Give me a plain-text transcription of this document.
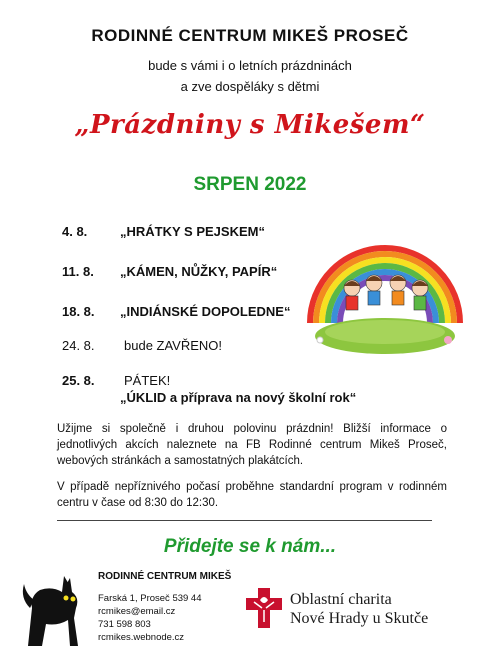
RODINNÉ CENTRUM MIKEŠ PROSEČ
bude s vámi i o letních prázdninách
a zve dospěláky s dětmi
„Prázdniny s Mikešem“
SRPEN 2022
4. 8.	„HRÁTKY S PEJSKEM“
11. 8.	„KÁMEN, NŮŽKY, PAPÍR“
18. 8.	„INDIÁNSKÉ DOPOLEDNE“
24. 8.	bude ZAVŘENO!
25. 8.	PÁTEK!
„ÚKLID a příprava na nový školní rok“
Užijme si společně i druhou polovinu prázdnin! Bližší informace o jednotlivých akcích naleznete na FB Rodinné centrum Mikeš Proseč, webových stránkách a samostatných plakátcích.
V případě nepříznivého počasí proběhne standardní program v rodinném centru v čase od 8:30 do 12:30.
Přidejte se k nám...
RODINNÉ CENTRUM MIKEŠ
Farská 1, Proseč 539 44
rcmikes@email.cz
731 598 803
rcmikes.webnode.cz
Oblastní charita
Nové Hrady u Skutče
